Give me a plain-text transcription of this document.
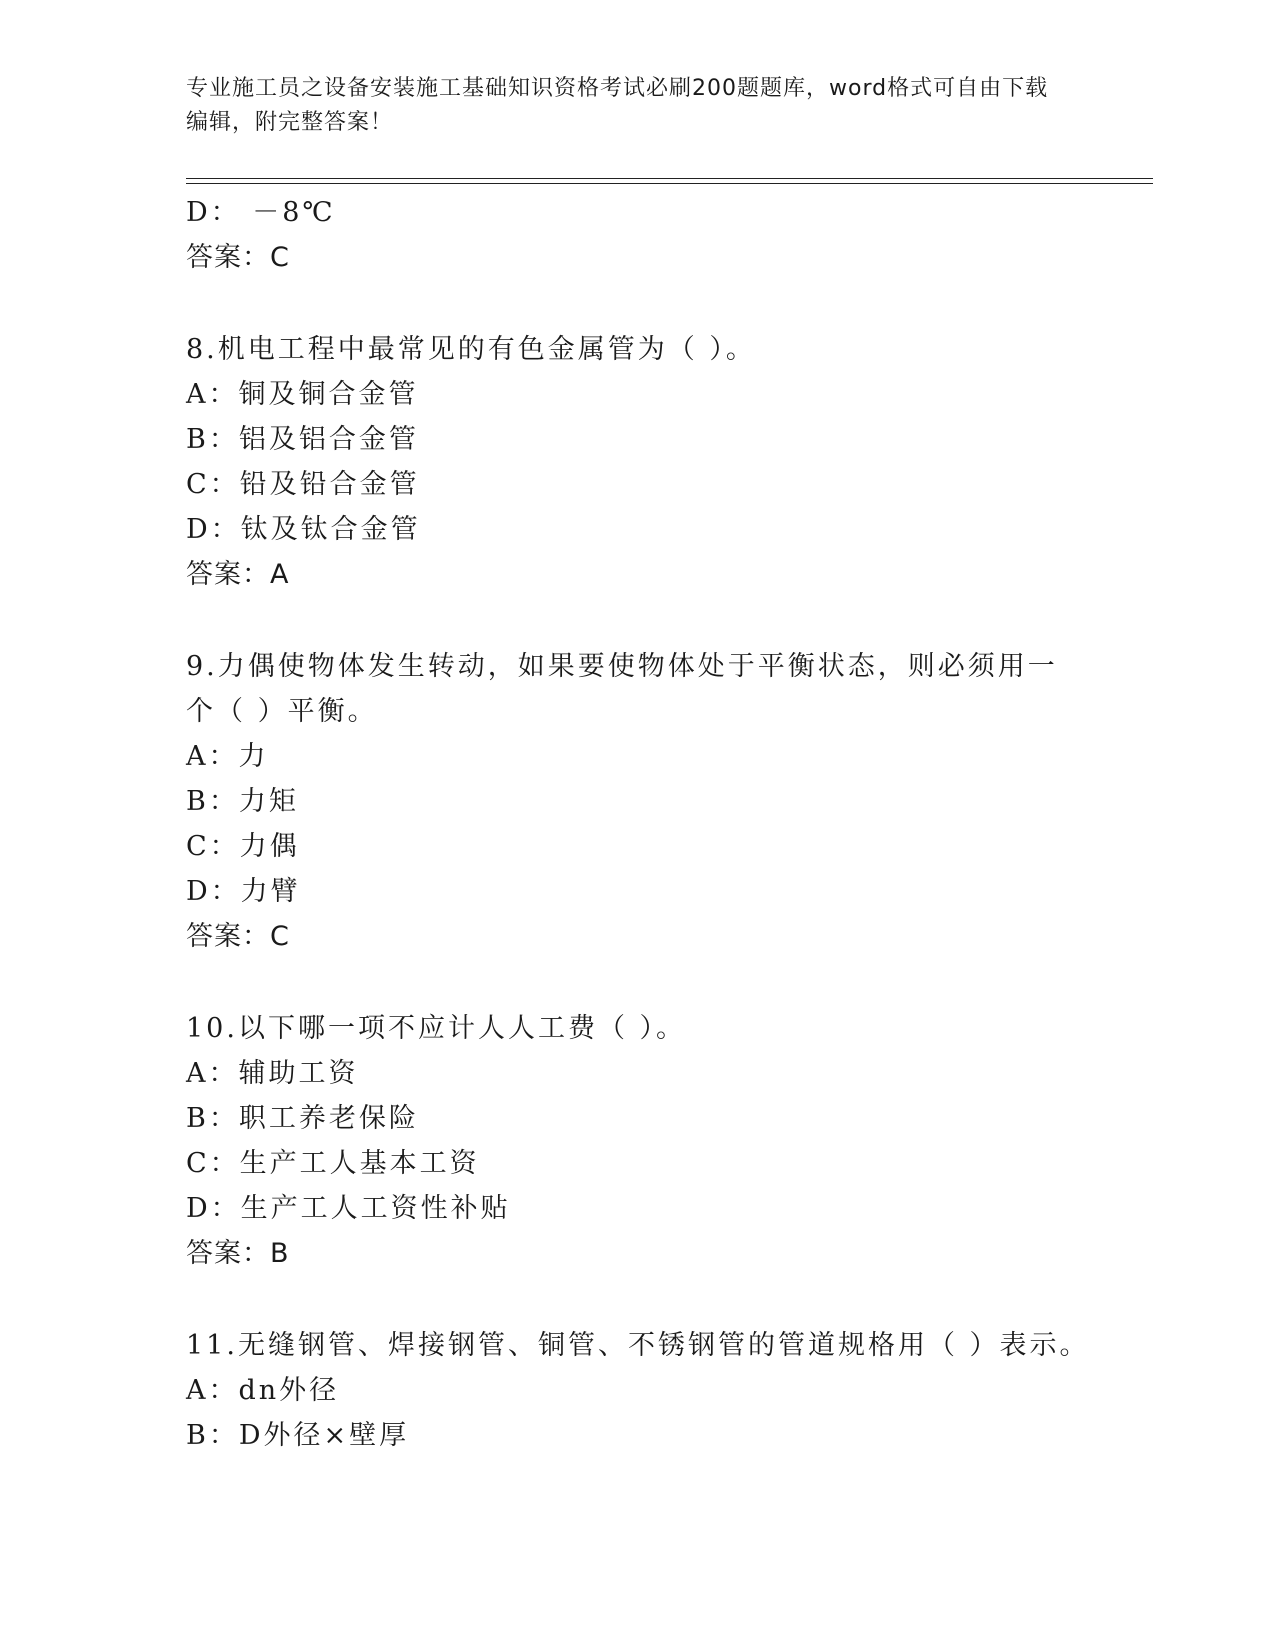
专业施工员之设备安装施工基础知识资格考试必刷200题题库，word格式可自由下载编辑，附完整答案！
D： －8℃
答案：C
8.机电工程中最常见的有色金属管为（ ）。
A：铜及铜合金管
B：铝及铝合金管
C：铅及铅合金管
D：钛及钛合金管
答案：A
9.力偶使物体发生转动，如果要使物体处于平衡状态，则必须用一个（ ）平衡。
A：力
B：力矩
C：力偶
D：力臂
答案：C
10.以下哪一项不应计人人工费（ ）。
A：辅助工资
B：职工养老保险
C：生产工人基本工资
D：生产工人工资性补贴
答案：B
11.无缝钢管、焊接钢管、铜管、不锈钢管的管道规格用（ ）表示。
A：dn外径
B：D外径×壁厚
